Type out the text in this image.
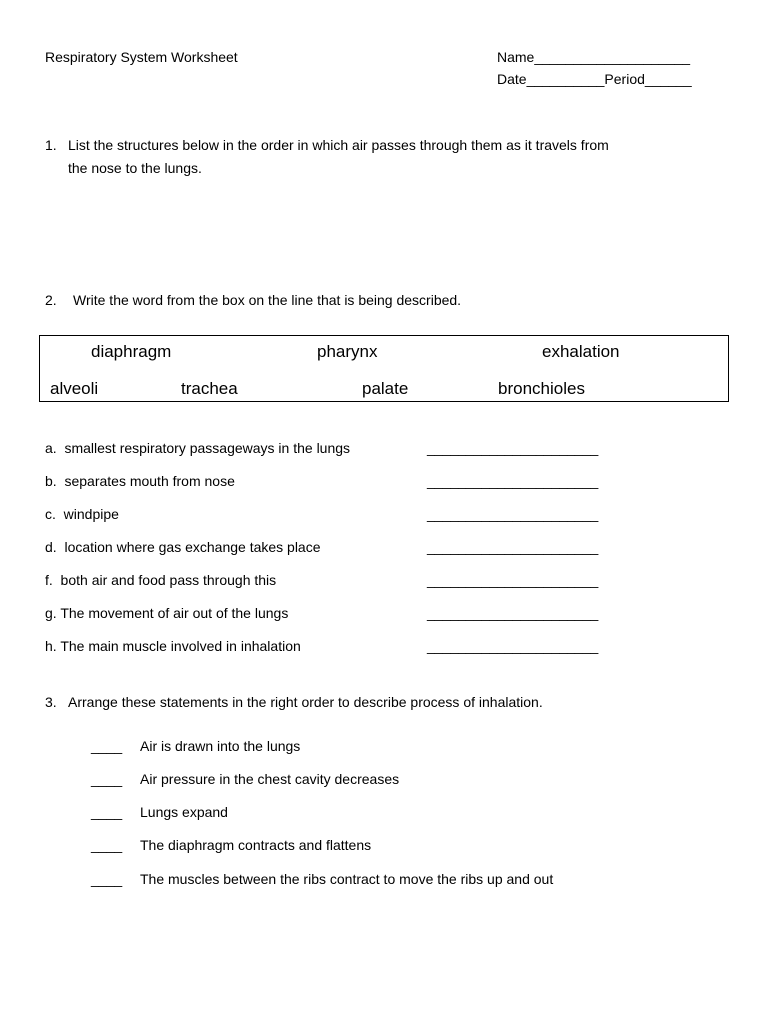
Respiratory System Worksheet	Name____________________
Date__________Period______
1. List the structures below in the order in which air passes through them as it travels from
the nose to the lungs.
2. Write the word from the box on the line that is being described.
diaphragm	pharynx	exhalation
alveoli	trachea	palate	bronchioles
a.  smallest respiratory passageways in the lungs	______________________
b.  separates mouth from nose	______________________
c.  windpipe	______________________
d.  location where gas exchange takes place	______________________
f.  both air and food pass through this	______________________
g. The movement of air out of the lungs	______________________
h. The main muscle involved in inhalation	______________________
3. Arrange these statements in the right order to describe process of inhalation.
____ Air is drawn into the lungs
____ Air pressure in the chest cavity decreases
____ Lungs expand
____ The diaphragm contracts and flattens
____ The muscles between the ribs contract to move the ribs up and out
